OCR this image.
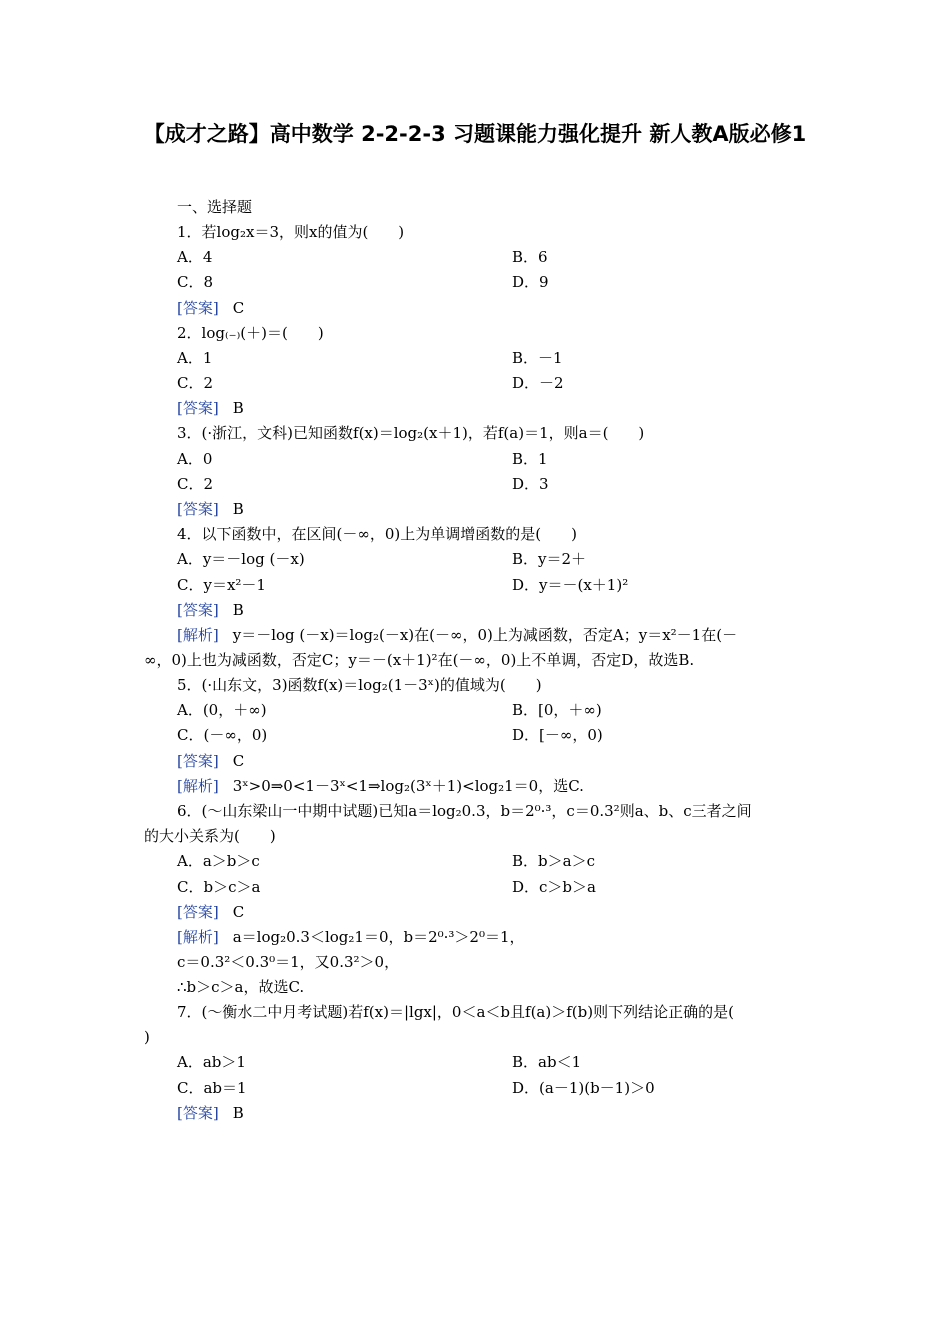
【成才之路】高中数学 2-2-2-3 习题课能力强化提升 新人教A版必修1
一、选择题
1．若log₂x＝3，则x的值为(　　)
A．4	B．6
C．8	D．9
[答案] C
2．log₍₋₎(＋)＝(　　)
A．1	B．－1
C．2	D．－2
[答案] B
3．(·浙江，文科)已知函数f(x)＝log₂(x＋1)，若f(a)＝1，则a＝(　　)
A．0	B．1
C．2	D．3
[答案] B
4．以下函数中，在区间(－∞，0)上为单调增函数的是(　　)
A．y＝－log (－x)	B．y＝2＋
C．y＝x²－1	D．y＝－(x＋1)²
[答案] B
[解析] y＝－log (－x)＝log₂(－x)在(－∞，0)上为减函数，否定A；y＝x²－1在(－
∞，0)上也为减函数，否定C；y＝－(x＋1)²在(－∞，0)上不单调，否定D，故选B.
5．(·山东文，3)函数f(x)＝log₂(1－3ˣ)的值域为(　　)
A．(0，＋∞)	B．[0，＋∞)
C．(－∞，0)	D．[－∞，0)
[答案] C
[解析] 3ˣ>0⇒0<1－3ˣ<1⇒log₂(3ˣ＋1)<log₂1＝0，选C.
6．(～山东梁山一中期中试题)已知a＝log₂0.3，b＝2⁰·³，c＝0.3²则a、b、c三者之间
的大小关系为(　　)
A．a＞b＞c	B．b＞a＞c
C．b＞c＞a	D．c＞b＞a
[答案] C
[解析] a＝log₂0.3＜log₂1＝0，b＝2⁰·³＞2⁰＝1，
c＝0.3²＜0.3⁰＝1，又0.3²＞0，
∴b＞c＞a，故选C.
7．(～衡水二中月考试题)若f(x)＝|lgx|，0＜a＜b且f(a)＞f(b)则下列结论正确的是(
)
A．ab＞1	B．ab＜1
C．ab＝1	D．(a－1)(b－1)＞0
[答案] B
